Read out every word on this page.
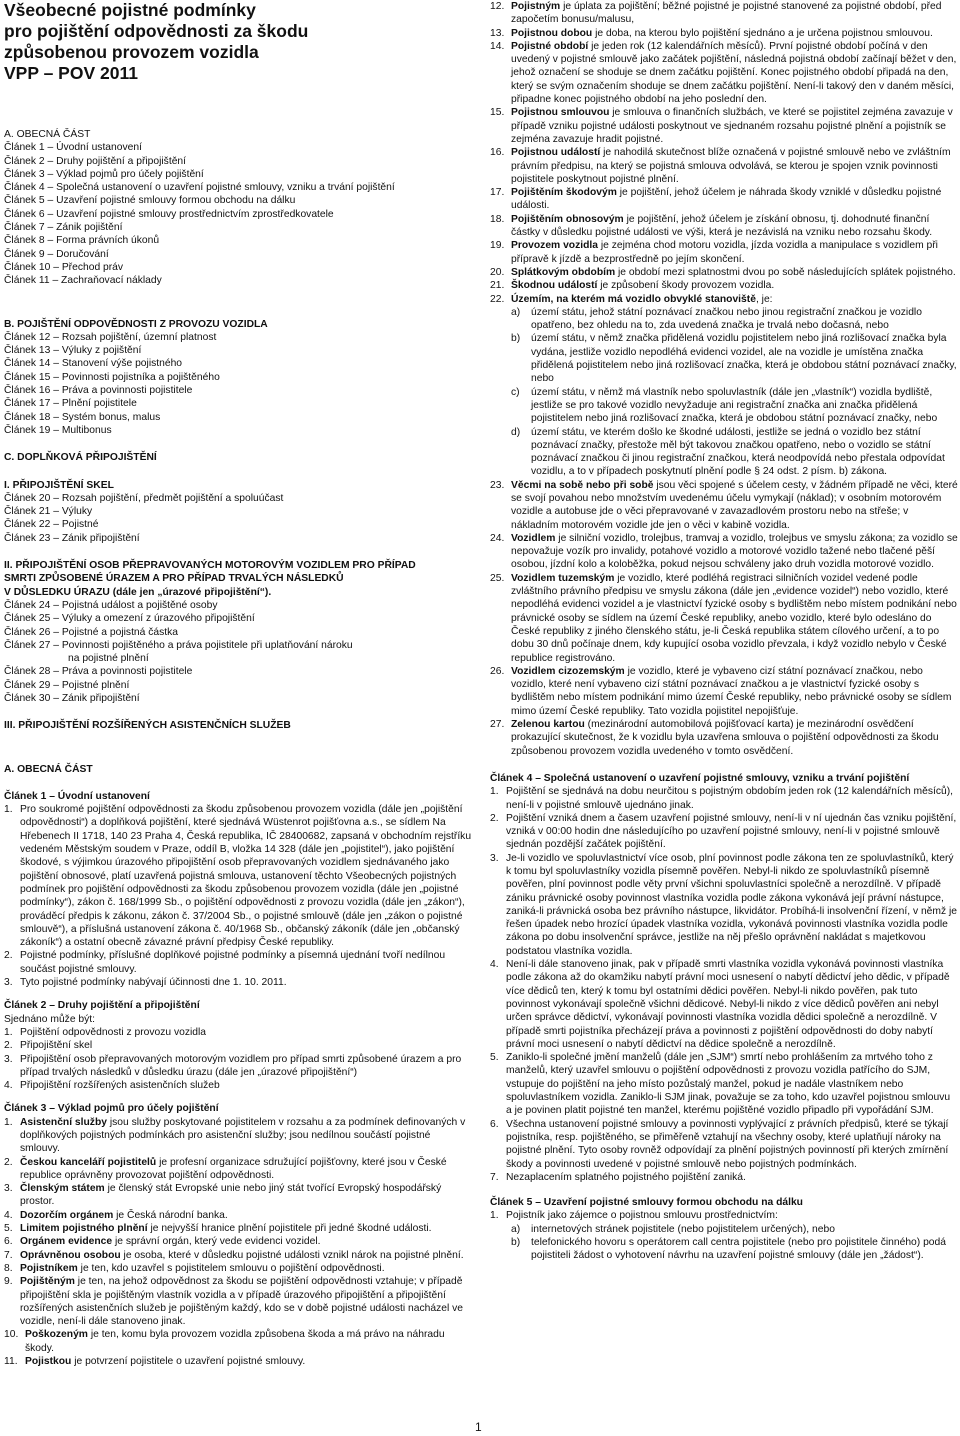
Všeobecné pojistné podmínky
pro pojištění odpovědnosti za škodu
způsobenou provozem vozidla
VPP – POV 2011
A. OBECNÁ ČÁST
Článek 1 – Úvodní ustanovení
Článek 2 – Druhy pojištění a připojištění
Článek 3 – Výklad pojmů pro účely pojištění
Článek 4 – Společná ustanovení o uzavření pojistné smlouvy, vzniku a trvání pojištění
Článek 5 – Uzavření pojistné smlouvy formou obchodu na dálku
Článek 6 – Uzavření pojistné smlouvy prostřednictvím zprostředkovatele
Článek 7 – Zánik pojištění
Článek 8 – Forma právních úkonů
Článek 9 – Doručování
Článek 10 – Přechod práv
Článek 11 – Zachraňovací náklady
B. POJIŠTĚNÍ ODPOVĚDNOSTI Z PROVOZU VOZIDLA
Článek 12 – Rozsah pojištění, územní platnost
Článek 13 – Výluky z pojištění
Článek 14 – Stanovení výše pojistného
Článek 15 – Povinnosti pojistníka a pojištěného
Článek 16 – Práva a povinnosti pojistitele
Článek 17 – Plnění pojistitele
Článek 18 – Systém bonus, malus
Článek 19 – Multibonus
C. DOPLŇKOVÁ PŘIPOJIŠTĚNÍ
I. PŘIPOJIŠTĚNÍ SKEL
Článek 20 – Rozsah pojištění, předmět pojištění a spoluúčast
Článek 21 – Výluky
Článek 22 – Pojistné
Článek 23 – Zánik připojištění
II. PŘIPOJIŠTĚNÍ OSOB PŘEPRAVOVANÝCH MOTOROVÝM VOZIDLEM PRO PŘÍPAD
SMRTI ZPŮSOBENÉ ÚRAZEM A PRO PŘÍPAD TRVALÝCH NÁSLEDKŮ
V DŮSLEDKU ÚRAZU (dále jen „úrazové připojištění“).
Článek 24 – Pojistná událost a pojištěné osoby
Článek 25 – Výluky a omezení z úrazového připojištění
Článek 26 – Pojistné a pojistná částka
Článek 27 – Povinnosti pojištěného a práva pojistitele při uplatňování nároku
na pojistné plnění
Článek 28 – Práva a povinnosti pojistitele
Článek 29 – Pojistné plnění
Článek 30 – Zánik připojištění
III. PŘIPOJIŠTĚNÍ ROZŠÍŘENÝCH ASISTENČNÍCH SLUŽEB
A. OBECNÁ ČÁST
Článek 1 – Úvodní ustanovení
1. Pro soukromé pojištění odpovědnosti za škodu způsobenou provozem vozidla (dále jen „pojištění odpovědnosti“) a doplňková pojištění, které sjednává Wüstenrot pojišťovna a.s., se sídlem Na Hřebenech II 1718, 140 23 Praha 4, Česká republika, IČ 28400682, zapsaná v obchodním rejstříku vedeném Městským soudem v Praze, oddíl B, vložka 14 328 (dále jen „pojistitel“), jako pojištění škodové, s výjimkou úrazového připojištění osob přepravovaných vozidlem sjednávaného jako pojištění obnosové, platí uzavřená pojistná smlouva, ustanovení těchto Všeobecných pojistných podmínek pro pojištění odpovědnosti za škodu způsobenou provozem vozidla (dále jen „pojistné podmínky“), zákon č. 168/1999 Sb., o pojištění odpovědnosti z provozu vozidla (dále jen „zákon“), prováděcí předpis k zákonu, zákon č. 37/2004 Sb., o pojistné smlouvě (dále jen „zákon o pojistné smlouvě“), a příslušná ustanovení zákona č. 40/1968 Sb., občanský zákoník (dále jen „občanský zákoník“) a ostatní obecně závazné právní předpisy České republiky.
2. Pojistné podmínky, příslušné doplňkové pojistné podmínky a písemná ujednání tvoří nedílnou součást pojistné smlouvy.
3. Tyto pojistné podmínky nabývají účinnosti dne 1. 10. 2011.
Článek 2 – Druhy pojištění a připojištění
Sjednáno může být:
1. Pojištění odpovědnosti z provozu vozidla
2. Připojištění skel
3. Připojištění osob přepravovaných motorovým vozidlem pro případ smrti způsobené úrazem a pro případ trvalých následků v důsledku úrazu (dále jen „úrazové připojištění“)
4. Připojištění rozšířených asistenčních služeb
Článek 3 – Výklad pojmů pro účely pojištění
1. Asistenční služby jsou služby poskytované pojistitelem v rozsahu a za podmínek definovaných v doplňkových pojistných podmínkách pro asistenční služby; jsou nedílnou součástí pojistné smlouvy.
2. Českou kanceláří pojistitelů je profesní organizace sdružující pojišťovny, které jsou v České republice oprávněny provozovat pojištění odpovědnosti.
3. Členským státem je členský stát Evropské unie nebo jiný stát tvořící Evropský hospodářský prostor.
4. Dozorčím orgánem je Česká národní banka.
5. Limitem pojistného plnění je nejvyšší hranice plnění pojistitele při jedné škodné události.
6. Orgánem evidence je správní orgán, který vede evidenci vozidel.
7. Oprávněnou osobou je osoba, které v důsledku pojistné události vznikl nárok na pojistné plnění.
8. Pojistníkem je ten, kdo uzavřel s pojistitelem smlouvu o pojištění odpovědnosti.
9. Pojištěným je ten, na jehož odpovědnost za škodu se pojištění odpovědnosti vztahuje; v případě připojištění skla je pojištěným vlastník vozidla a v případě úrazového připojištění a připojištění rozšířených asistenčních služeb je pojištěným každý, kdo se v době pojistné události nacházel ve vozidle, není-li dále stanoveno jinak.
10. Poškozeným je ten, komu byla provozem vozidla způsobena škoda a má právo na náhradu škody.
11. Pojistkou je potvrzení pojistitele o uzavření pojistné smlouvy.
12. Pojistným je úplata za pojištění; běžné pojistné je pojistné stanovené za pojistné období, před započetím bonusu/malusu,
13. Pojistnou dobou je doba, na kterou bylo pojištění sjednáno a je určena pojistnou smlouvou.
14. Pojistné období je jeden rok (12 kalendářních měsíců). První pojistné období počíná v den uvedený v pojistné smlouvě jako začátek pojištění, následná pojistná období začínají běžet v den, jehož označení se shoduje se dnem začátku pojištění. Konec pojistného období připadá na den, který se svým označením shoduje se dnem začátku pojištění. Není-li takový den v daném měsíci, připadne konec pojistného období na jeho poslední den.
15. Pojistnou smlouvou je smlouva o finančních službách, ve které se pojistitel zejména zavazuje v případě vzniku pojistné události poskytnout ve sjednaném rozsahu pojistné plnění a pojistník se zejména zavazuje hradit pojistné.
16. Pojistnou událostí je nahodilá skutečnost blíže označená v pojistné smlouvě nebo ve zvláštním právním předpisu, na který se pojistná smlouva odvolává, se kterou je spojen vznik povinnosti pojistitele poskytnout pojistné plnění.
17. Pojištěním škodovým je pojištění, jehož účelem je náhrada škody vzniklé v důsledku pojistné události.
18. Pojištěním obnosovým je pojištění, jehož účelem je získání obnosu, tj. dohodnuté finanční částky v důsledku pojistné události ve výši, která je nezávislá na vzniku nebo rozsahu škody.
19. Provozem vozidla je zejména chod motoru vozidla, jízda vozidla a manipulace s vozidlem při přípravě k jízdě a bezprostředně po jejím skončení.
20. Splátkovým obdobím je období mezi splatnostmi dvou po sobě následujících splátek pojistného.
21. Škodnou událostí je způsobení škody provozem vozidla.
22. Územím, na kterém má vozidlo obvyklé stanoviště, je:
a)	území státu, jehož státní poznávací značkou nebo jinou registrační značkou je vozidlo opatřeno, bez ohledu na to, zda uvedená značka je trvalá nebo dočasná, nebo
b)	území státu, v němž značka přidělená vozidlu pojistitelem nebo jiná rozlišovací značka byla vydána, jestliže vozidlo nepodléhá evidenci vozidel, ale na vozidle je umístěna značka přidělená pojistitelem nebo jiná rozlišovací značka, která je obdobou státní poznávací značky, nebo
c)	území státu, v němž má vlastník nebo spoluvlastník (dále jen „vlastník“) vozidla bydliště, jestliže se pro takové vozidlo nevyžaduje ani registrační značka ani značka přidělená pojistitelem nebo jiná rozlišovací značka, která je obdobou státní poznávací značky, nebo
d)	území státu, ve kterém došlo ke škodné události, jestliže se jedná o vozidlo bez státní poznávací značky, přestože měl být takovou značkou opatřeno, nebo o vozidlo se státní poznávací značkou či jinou registrační značkou, která neodpovídá nebo přestala odpovídat vozidlu, a to v případech poskytnutí plnění podle § 24 odst. 2 písm. b) zákona.
23. Věcmi na sobě nebo při sobě jsou věci spojené s účelem cesty, v žádném případě ne věci, které se svojí povahou nebo množstvím uvedenému účelu vymykají (náklad); v osobním motorovém vozidle a autobuse jde o věci přepravované v zavazadlovém prostoru nebo na střeše; v nákladním motorovém vozidle jde jen o věci v kabině vozidla.
24. Vozidlem je silniční vozidlo, trolejbus, tramvaj a vozidlo, trolejbus ve smyslu zákona; za vozidlo se nepovažuje vozík pro invalidy, potahové vozidlo a motorové vozidlo tažené nebo tlačené pěší osobou, jízdní kolo a koloběžka, pokud nejsou schváleny jako druh vozidla motorové vozidlo.
25. Vozidlem tuzemským je vozidlo, které podléhá registraci silničních vozidel vedené podle zvláštního právního předpisu ve smyslu zákona (dále jen „evidence vozidel“) nebo vozidlo, které nepodléhá evidenci vozidel a je vlastnictví fyzické osoby s bydlištěm nebo místem podnikání nebo právnické osoby se sídlem na území České republiky, anebo vozidlo, které bylo odesláno do České republiky z jiného členského státu, je-li Česká republika státem cílového určení, a to po dobu 30 dnů počínaje dnem, kdy kupující osoba vozidlo převzala, i když vozidlo nebylo v České republice registrováno.
26. Vozidlem cizozemským je vozidlo, které je vybaveno cizí státní poznávací značkou, nebo vozidlo, které není vybaveno cizí státní poznávací značkou a je vlastnictví fyzické osoby s bydlištěm nebo místem podnikání mimo území České republiky, nebo právnické osoby se sídlem mimo území České republiky. Tato vozidla pojistitel nepojišťuje.
27. Zelenou kartou (mezinárodní automobilová pojišťovací karta) je mezinárodní osvědčení prokazující skutečnost, že k vozidlu byla uzavřena smlouva o pojištění odpovědnosti za škodu způsobenou provozem vozidla uvedeného v tomto osvědčení.
Článek 4 – Společná ustanovení o uzavření pojistné smlouvy, vzniku a trvání pojištění
1. Pojištění se sjednává na dobu neurčitou s pojistným obdobím jeden rok (12 kalendářních měsíců), není-li v pojistné smlouvě ujednáno jinak.
2. Pojištění vzniká dnem a časem uzavření pojistné smlouvy, není-li v ní ujednán čas vzniku pojištění, vzniká v 00:00 hodin dne následujícího po uzavření pojistné smlouvy, není-li v pojistné smlouvě sjednán pozdější začátek pojištění.
3. Je-li vozidlo ve spoluvlastnictví více osob, plní povinnost podle zákona ten ze spoluvlastníků, který k tomu byl spoluvlastníky vozidla písemně pověřen. Nebyl-li nikdo ze spoluvlastníků písemně pověřen, plní povinnost podle věty první všichni spoluvlastníci společně a nerozdílně. V případě zániku právnické osoby povinnost vlastníka vozidla podle zákona vykonává její právní nástupce, zaniká-li právnická osoba bez právního nástupce, likvidátor. Probíhá-li insolvenční řízení, v němž je řešen úpadek nebo hrozící úpadek vlastníka vozidla, vykonává povinnosti vlastníka vozidla podle zákona po dobu insolvenční správce, jestliže na něj přešlo oprávnění nakládat s majetkovou podstatou vlastníka vozidla.
4. Není-li dále stanoveno jinak, pak v případě smrti vlastníka vozidla vykonává povinnosti vlastníka podle zákona až do okamžiku nabytí právní moci usnesení o nabytí dědictví jeho dědic, v případě více dědiců ten, který k tomu byl ostatními dědici pověřen. Nebyl-li nikdo pověřen, pak tuto povinnost vykonávají společně všichni dědicové. Nebyl-li nikdo z více dědiců pověřen ani nebyl určen správce dědictví, vykonávají povinnosti vlastníka vozidla dědici společně a nerozdílně. V případě smrti pojistníka přecházejí práva a povinnosti z pojištění odpovědnosti do doby nabytí právní moci usnesení o nabytí dědictví na dědice společně a nerozdílně.
5. Zaniklo-li společné jmění manželů (dále jen „SJM“) smrtí nebo prohlášením za mrtvého toho z manželů, který uzavřel smlouvu o pojištění odpovědnosti z provozu vozidla patřícího do SJM, vstupuje do pojištění na jeho místo pozůstalý manžel, pokud je nadále vlastníkem nebo spoluvlastníkem vozidla. Zaniklo-li SJM jinak, považuje se za toho, kdo uzavřel pojistnou smlouvu a je povinen platit pojistné ten manžel, kterému pojištěné vozidlo připadlo při vypořádání SJM.
6. Všechna ustanovení pojistné smlouvy a povinnosti vyplývající z právních předpisů, které se týkají pojistníka, resp. pojištěného, se přiměřeně vztahují na všechny osoby, které uplatňují nároky na pojistné plnění. Tyto osoby rovněž odpovídají za plnění pojistných povinností při kterých zmírnění škody a povinnosti uvedené v pojistné smlouvě nebo pojistných podmínkách.
7. Nezaplacením splatného pojistného pojištění zaniká.
Článek 5 – Uzavření pojistné smlouvy formou obchodu na dálku
1. Pojistník jako zájemce o pojistnou smlouvu prostřednictvím:
a)	internetových stránek pojistitele (nebo pojistitelem určených), nebo
b)	telefonického hovoru s operátorem call centra pojistitele (nebo pro pojistitele činného) podá pojistiteli žádost o vyhotovení návrhu na uzavření pojistné smlouvy (dále jen „žádost“).
1
